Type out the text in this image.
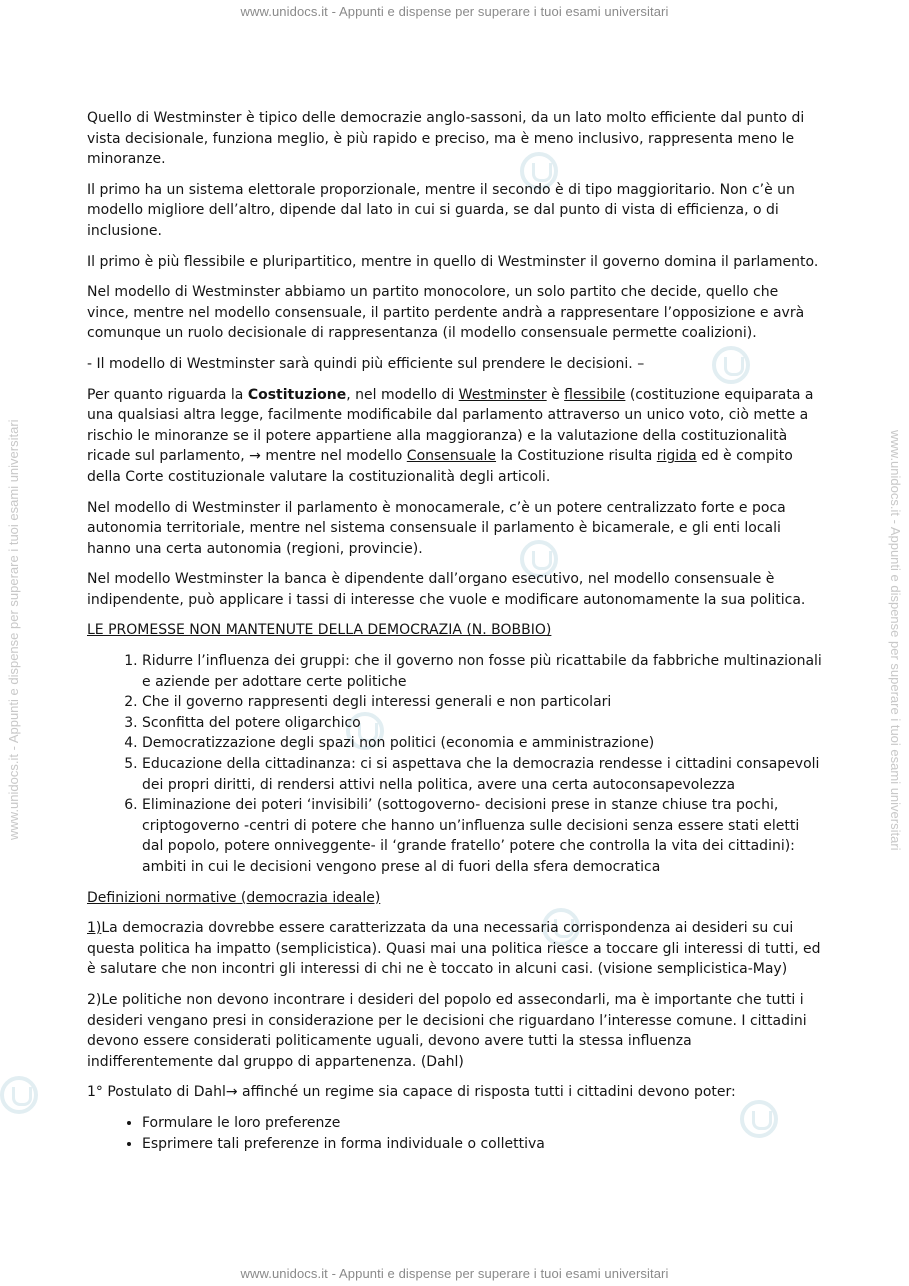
www.unidocs.it - Appunti e dispense per superare i tuoi esami universitari
www.unidocs.it - Appunti e dispense per superare i tuoi esami universitari
www.unidocs.it - Appunti e dispense per superare i tuoi esami universitari	www.unidocs.it - Appunti e dispense per superare i tuoi esami universitari

Quello di Westminster è tipico delle democrazie anglo-sassoni, da un lato molto efficiente dal punto di vista decisionale, funziona meglio, è più rapido e preciso, ma è meno inclusivo, rappresenta meno le minoranze.

Il primo ha un sistema elettorale proporzionale, mentre il secondo è di tipo maggioritario. Non c’è un modello migliore dell’altro, dipende dal lato in cui si guarda, se dal punto di vista di efficienza, o di inclusione.

Il primo è più flessibile e pluripartitico, mentre in quello di Westminster il governo domina il parlamento.

Nel modello di Westminster abbiamo un partito monocolore, un solo partito che decide, quello che vince, mentre nel modello consensuale, il partito perdente andrà a rappresentare l’opposizione e avrà comunque un ruolo decisionale di rappresentanza (il modello consensuale permette coalizioni).

- Il modello di Westminster sarà quindi più efficiente sul prendere le decisioni. –

Per quanto riguarda la Costituzione, nel modello di Westminster è flessibile (costituzione equiparata a una qualsiasi altra legge, facilmente modificabile dal parlamento attraverso un unico voto, ciò mette a rischio le minoranze se il potere appartiene alla maggioranza) e la valutazione della costituzionalità ricade sul parlamento, → mentre nel modello Consensuale la Costituzione risulta rigida ed è compito della Corte costituzionale valutare la costituzionalità degli articoli.

Nel modello di Westminster il parlamento è monocamerale, c’è un potere centralizzato forte e poca autonomia territoriale, mentre nel sistema consensuale il parlamento è bicamerale, e gli enti locali hanno una certa autonomia (regioni, provincie).

Nel modello Westminster la banca è dipendente dall’organo esecutivo, nel modello consensuale è indipendente, può applicare i tassi di interesse che vuole e modificare autonomamente la sua politica.

LE PROMESSE NON MANTENUTE DELLA DEMOCRAZIA (N. BOBBIO)

1. Ridurre l’influenza dei gruppi: che il governo non fosse più ricattabile da fabbriche multinazionali e aziende per adottare certe politiche
2. Che il governo rappresenti degli interessi generali e non particolari
3. Sconfitta del potere oligarchico
4. Democratizzazione degli spazi non politici (economia e amministrazione)
5. Educazione della cittadinanza: ci si aspettava che la democrazia rendesse i cittadini consapevoli dei propri diritti, di rendersi attivi nella politica, avere una certa autoconsapevolezza
6. Eliminazione dei poteri ‘invisibili’ (sottogoverno- decisioni prese in stanze chiuse tra pochi, criptogoverno -centri di potere che hanno un’influenza sulle decisioni senza essere stati eletti dal popolo, potere onniveggente- il ‘grande fratello’ potere che controlla la vita dei cittadini): ambiti in cui le decisioni vengono prese al di fuori della sfera democratica

Definizioni normative (democrazia ideale)

1)La democrazia dovrebbe essere caratterizzata da una necessaria corrispondenza ai desideri su cui questa politica ha impatto (semplicistica). Quasi mai una politica riesce a toccare gli interessi di tutti, ed è salutare che non incontri gli interessi di chi ne è toccato in alcuni casi. (visione semplicistica-May)

2)Le politiche non devono incontrare i desideri del popolo ed assecondarli, ma è importante che tutti i desideri vengano presi in considerazione per le decisioni che riguardano l’interesse comune. I cittadini devono essere considerati politicamente uguali, devono avere tutti la stessa influenza indifferentemente dal gruppo di appartenenza. (Dahl)

1° Postulato di Dahl→ affinché un regime sia capace di risposta tutti i cittadini devono poter:

• Formulare le loro preferenze
• Esprimere tali preferenze in forma individuale o collettiva
